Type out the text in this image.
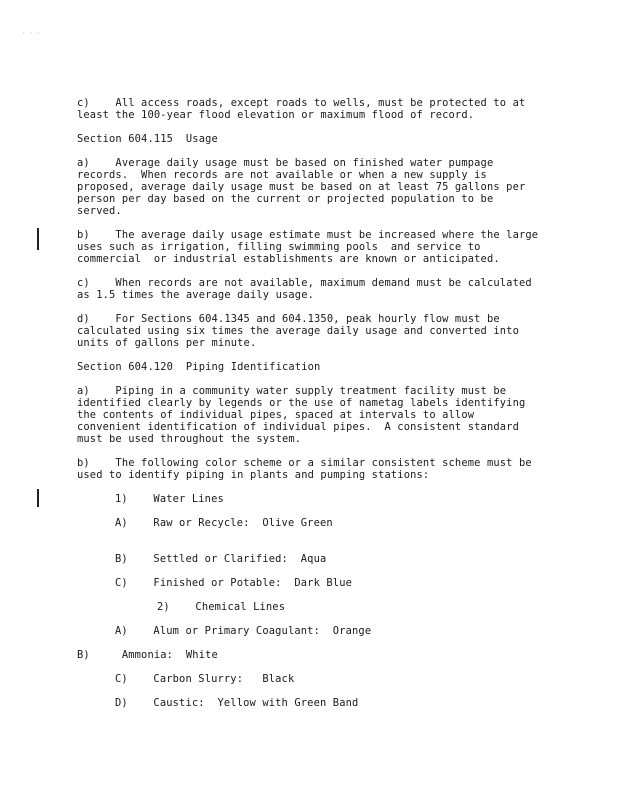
· · ·
c)    All access roads, except roads to wells, must be protected to at
least the 100-year flood elevation or maximum flood of record.
Section 604.115  Usage
a)    Average daily usage must be based on finished water pumpage
records.  When records are not available or when a new supply is
proposed, average daily usage must be based on at least 75 gallons per
person per day based on the current or projected population to be
served.
b)    The average daily usage estimate must be increased where the large
uses such as irrigation, filling swimming pools  and service to
commercial  or industrial establishments are known or anticipated.
c)    When records are not available, maximum demand must be calculated
as 1.5 times the average daily usage.
d)    For Sections 604.1345 and 604.1350, peak hourly flow must be
calculated using six times the average daily usage and converted into
units of gallons per minute.
Section 604.120  Piping Identification
a)    Piping in a community water supply treatment facility must be
identified clearly by legends or the use of nametag labels identifying
the contents of individual pipes, spaced at intervals to allow
convenient identification of individual pipes.  A consistent standard
must be used throughout the system.
b)    The following color scheme or a similar consistent scheme must be
used to identify piping in plants and pumping stations:
1)    Water Lines
A)    Raw or Recycle:  Olive Green
B)    Settled or Clarified:  Aqua
C)    Finished or Potable:  Dark Blue
2)    Chemical Lines
A)    Alum or Primary Coagulant:  Orange
B)     Ammonia:  White
C)    Carbon Slurry:   Black
D)    Caustic:  Yellow with Green Band
